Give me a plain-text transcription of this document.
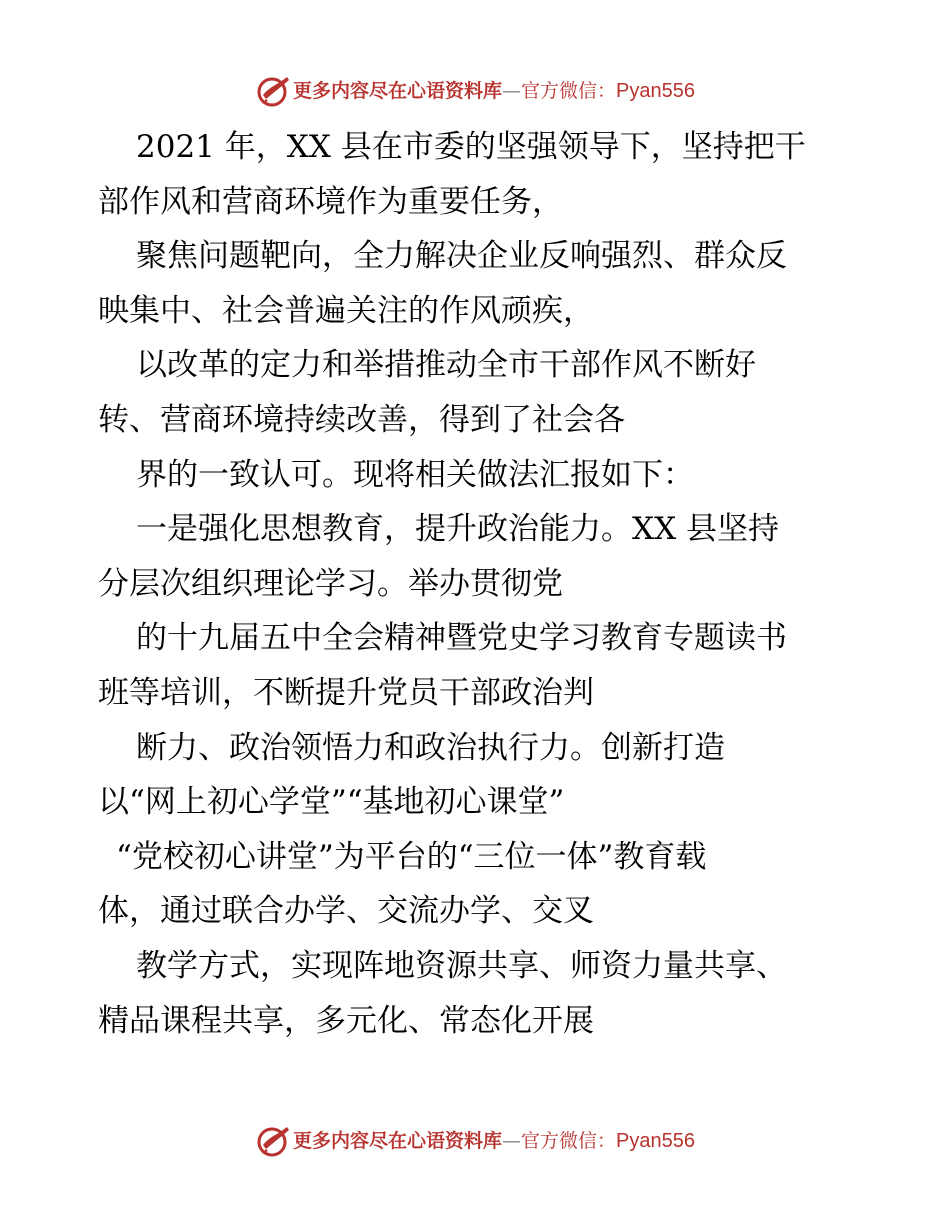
更多内容尽在心语资料库 — 官方微信： Pyan556
2021 年，XX 县在市委的坚强领导下，坚持把干
部作风和营商环境作为重要任务，
聚焦问题靶向，全力解决企业反响强烈、群众反
映集中、社会普遍关注的作风顽疾，
以改革的定力和举措推动全市干部作风不断好
转、营商环境持续改善，得到了社会各
界的一致认可。现将相关做法汇报如下：
一是强化思想教育，提升政治能力。XX 县坚持
分层次组织理论学习。举办贯彻党
的十九届五中全会精神暨党史学习教育专题读书
班等培训，不断提升党员干部政治判
断力、政治领悟力和政治执行力。创新打造
以“网上初心学堂”“基地初心课堂”
“党校初心讲堂”为平台的“三位一体”教育载
体，通过联合办学、交流办学、交叉
教学方式，实现阵地资源共享、师资力量共享、
精品课程共享，多元化、常态化开展
更多内容尽在心语资料库 — 官方微信： Pyan556
